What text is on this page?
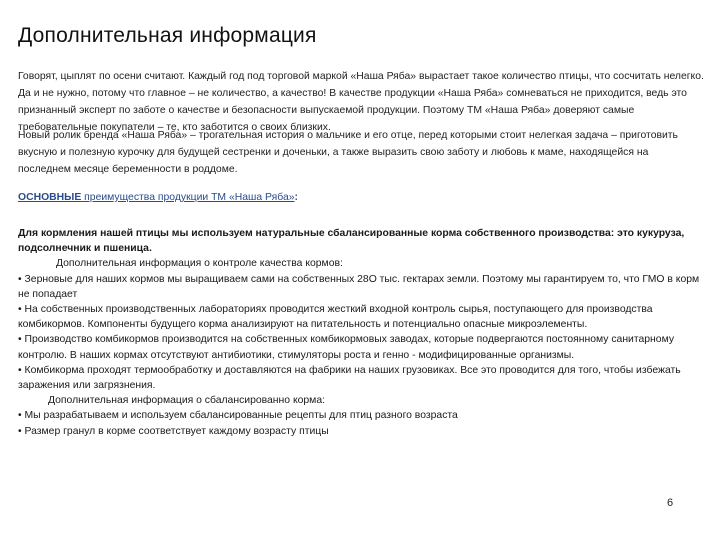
Дополнительная информация

Говорят, цыплят по осени считают. Каждый год под торговой маркой «Наша Ряба» вырастает такое количество птицы, что сосчитать нелегко. Да и не нужно, потому что главное – не количество, а качество! В качестве продукции «Наша Ряба» сомневаться не приходится, ведь это признанный эксперт по заботе о качестве и безопасности выпускаемой продукции. Поэтому ТМ «Наша Ряба» доверяют самые требовательные покупатели – те, кто заботится о своих близких.

Новый ролик бренда «Наша Ряба» – трогательная история о мальчике и его отце, перед которыми стоит нелегкая задача – приготовить вкусную и полезную курочку для будущей сестренки и доченьки, а также выразить свою заботу и любовь к маме, находящейся на последнем месяце беременности в роддоме.

ОСНОВНЫЕ преимущества продукции ТМ «Наша Ряба»:

Для кормления нашей птицы мы используем натуральные сбалансированные корма собственного производства: это кукуруза, подсолнечник и пшеница.

Дополнительная информация о контроле качества кормов:

• Зерновые для наших кормов мы выращиваем сами на собственных 28О тыс. гектарах земли. Поэтому мы гарантируем то, что ГМО в корм не попадает

• На собственных производственных лабораториях проводится жесткий входной контроль сырья, поступающего для производства комбикормов. Компоненты будущего корма анализируют на питательность и потенциально опасные микроэлементы.

• Производство комбикормов производится на собственных комбикормовых заводах, которые подвергаются постоянному санитарному контролю. В наших кормах отсутствуют антибиотики, стимуляторы роста и генно - модифицированные организмы.

• Комбикорма проходят термообработку и доставляются на фабрики на наших грузовиках. Все это проводится для того, чтобы избежать заражения или загрязнения.

Дополнительная информация о сбалансированно корма:

• Мы разрабатываем и используем сбалансированные рецепты для птиц разного возраста

• Размер гранул в корме соответствует каждому возрасту птицы

6
